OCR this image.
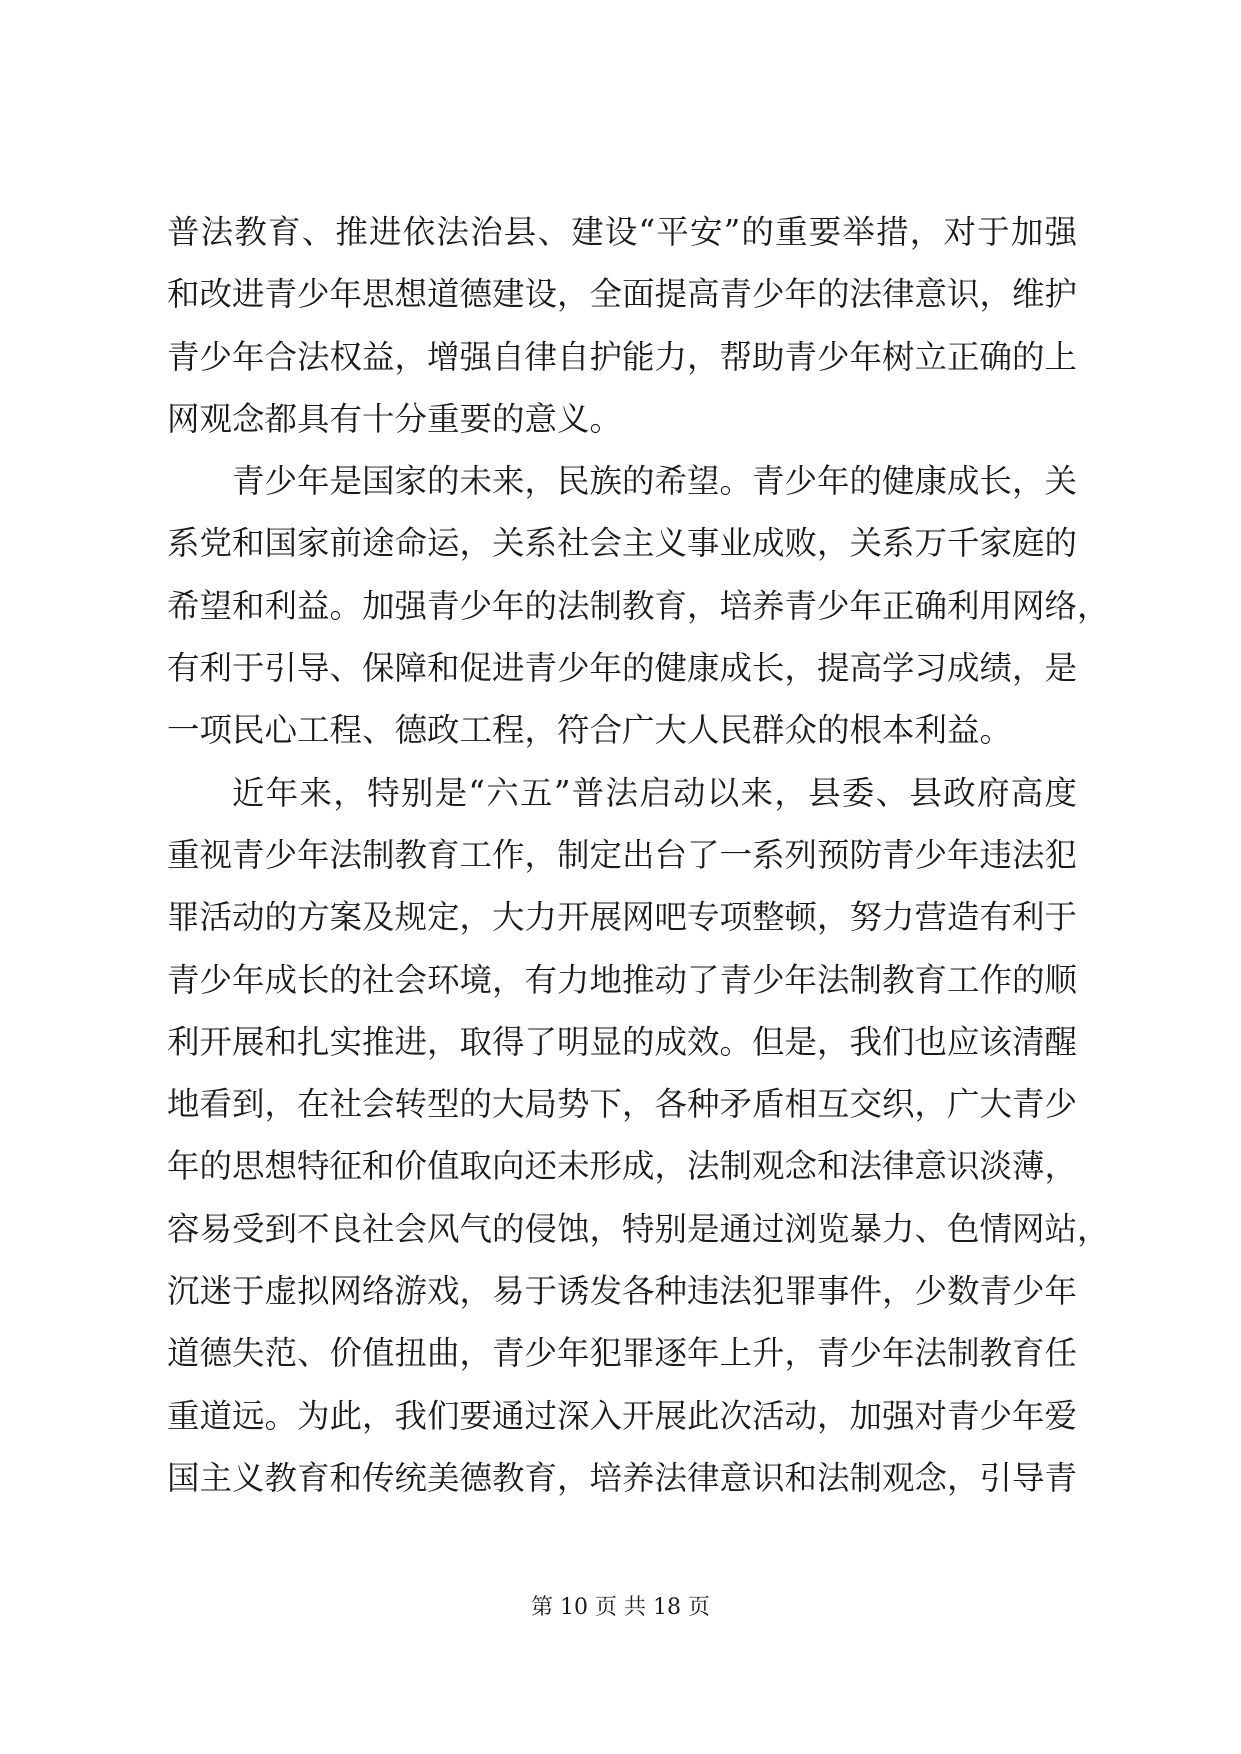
普法教育、推进依法治县、建设“平安”的重要举措，对于加强
和改进青少年思想道德建设，全面提高青少年的法律意识，维护
青少年合法权益，增强自律自护能力，帮助青少年树立正确的上
网观念都具有十分重要的意义。
青少年是国家的未来，民族的希望。青少年的健康成长，关
系党和国家前途命运，关系社会主义事业成败，关系万千家庭的
希望和利益。加强青少年的法制教育，培养青少年正确利用网络，
有利于引导、保障和促进青少年的健康成长，提高学习成绩，是
一项民心工程、德政工程，符合广大人民群众的根本利益。
近年来，特别是“六五”普法启动以来，县委、县政府高度
重视青少年法制教育工作，制定出台了一系列预防青少年违法犯
罪活动的方案及规定，大力开展网吧专项整顿，努力营造有利于
青少年成长的社会环境，有力地推动了青少年法制教育工作的顺
利开展和扎实推进，取得了明显的成效。但是，我们也应该清醒
地看到，在社会转型的大局势下，各种矛盾相互交织，广大青少
年的思想特征和价值取向还未形成，法制观念和法律意识淡薄，
容易受到不良社会风气的侵蚀，特别是通过浏览暴力、色情网站，
沉迷于虚拟网络游戏，易于诱发各种违法犯罪事件，少数青少年
道德失范、价值扭曲，青少年犯罪逐年上升，青少年法制教育任
重道远。为此，我们要通过深入开展此次活动，加强对青少年爱
国主义教育和传统美德教育，培养法律意识和法制观念，引导青
第 10 页 共 18 页
